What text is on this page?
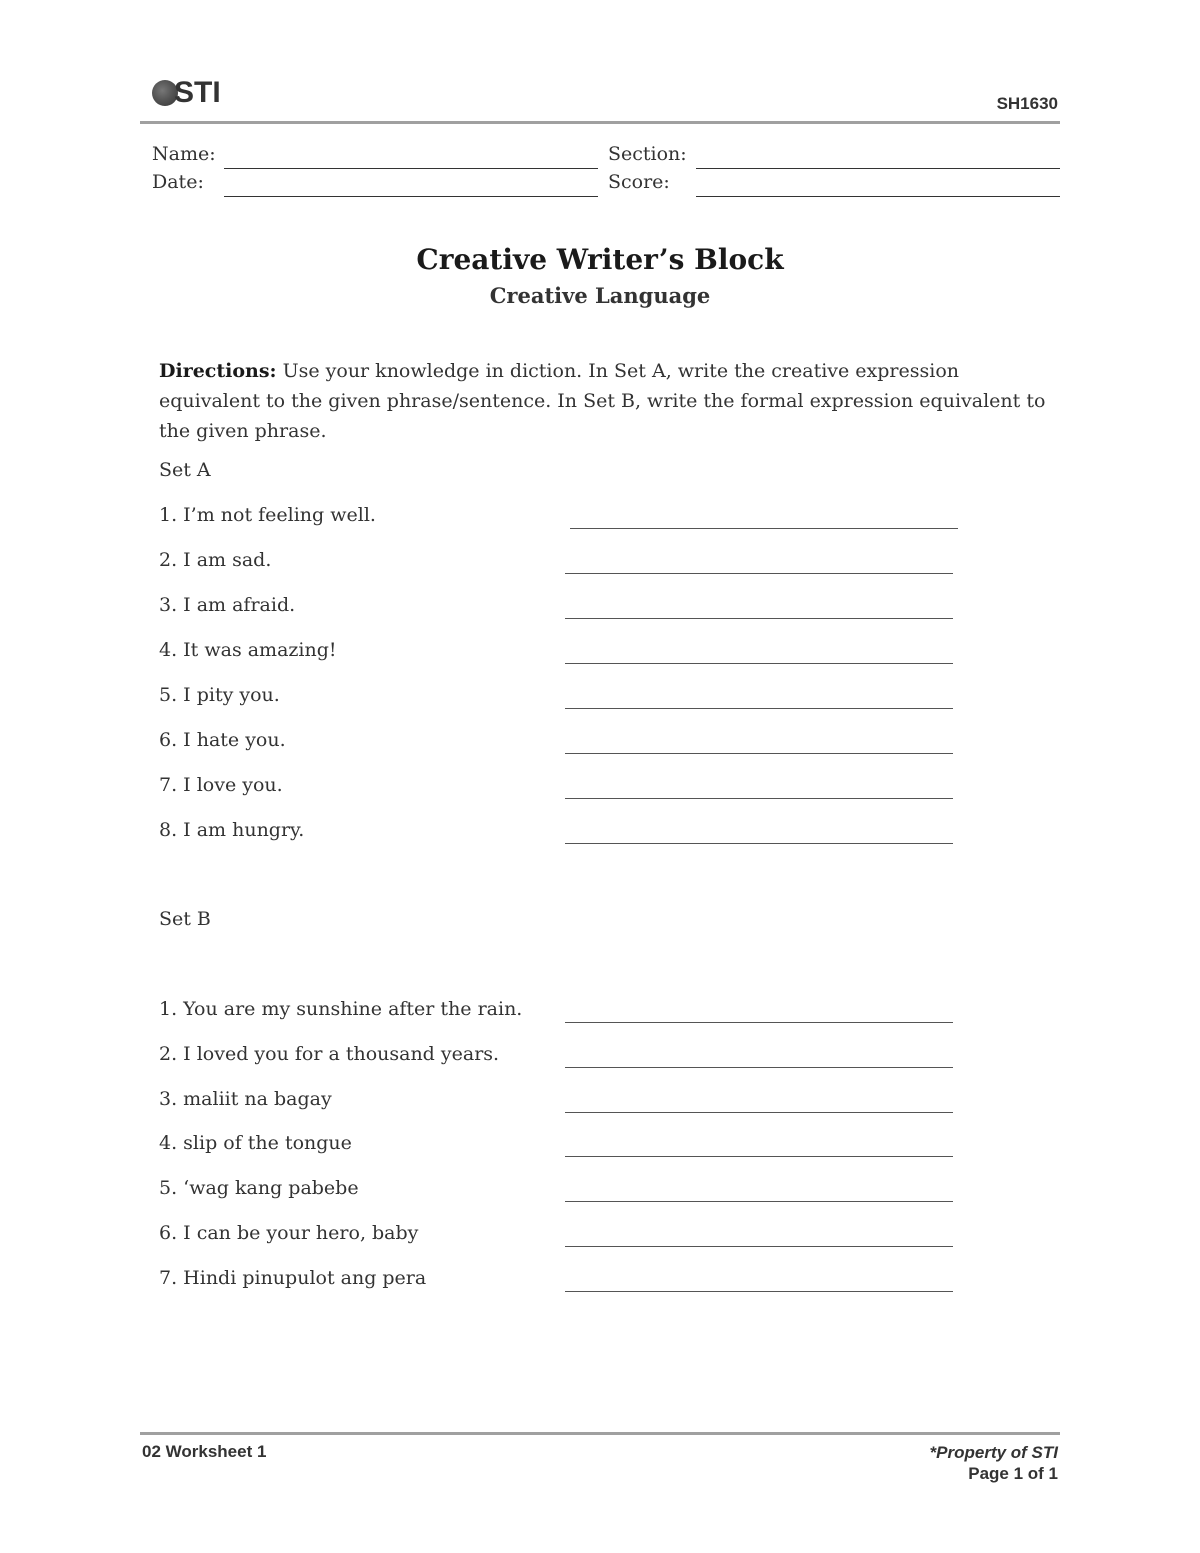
STI	SH1630
Name:	Section:
Date:	Score:
Creative Writer’s Block
Creative Language
Directions: Use your knowledge in diction. In Set A, write the creative expression equivalent to the given phrase/sentence. In Set B, write the formal expression equivalent to the given phrase.
Set A
1. I’m not feeling well.
2. I am sad.
3. I am afraid.
4. It was amazing!
5. I pity you.
6. I hate you.
7. I love you.
8. I am hungry.
Set B
1. You are my sunshine after the rain.
2. I loved you for a thousand years.
3. maliit na bagay
4. slip of the tongue
5. ‘wag kang pabebe
6. I can be your hero, baby
7. Hindi pinupulot ang pera
02 Worksheet 1	*Property of STI
Page 1 of 1
